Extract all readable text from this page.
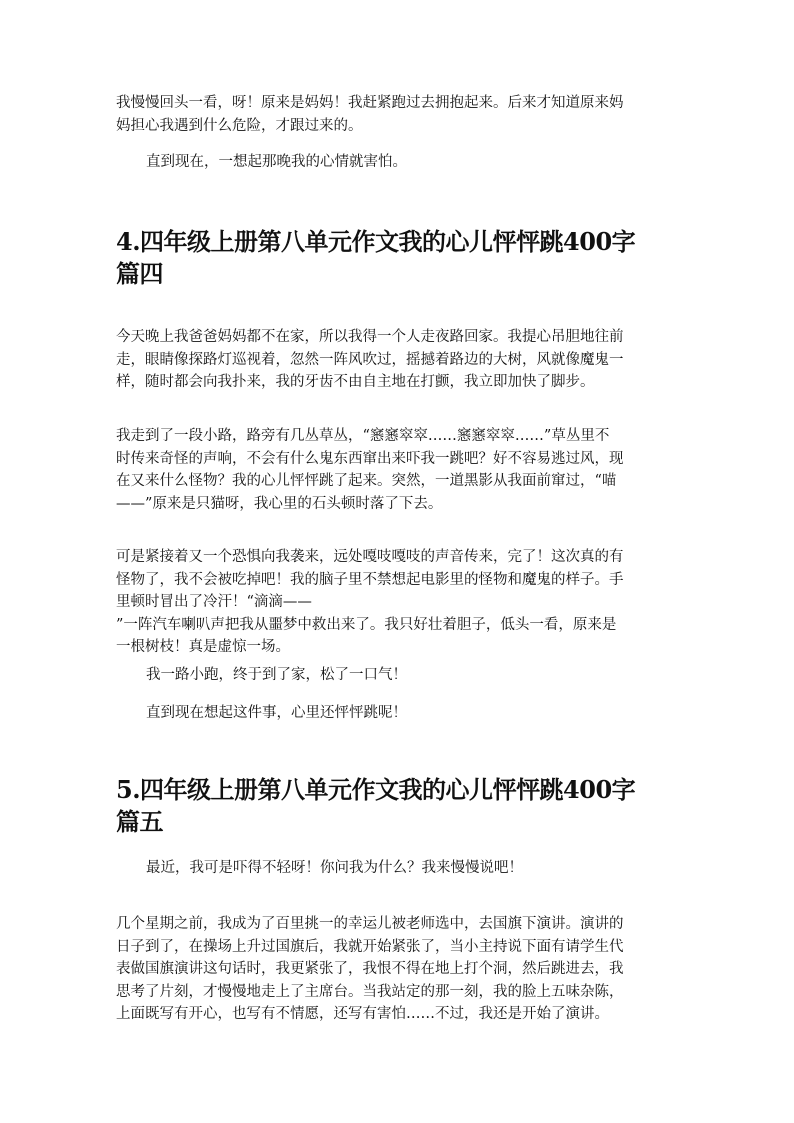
我慢慢回头一看，呀！原来是妈妈！我赶紧跑过去拥抱起来。后来才知道原来妈
妈担心我遇到什么危险，才跟过来的。

直到现在，一想起那晚我的心情就害怕。

4.四年级上册第八单元作文我的心儿怦怦跳400字
篇四

今天晚上我爸爸妈妈都不在家，所以我得一个人走夜路回家。我提心吊胆地往前
走，眼睛像探路灯巡视着，忽然一阵风吹过，摇撼着路边的大树，风就像魔鬼一
样，随时都会向我扑来，我的牙齿不由自主地在打颤，我立即加快了脚步。

我走到了一段小路，路旁有几丛草丛，“窸窸窣窣……窸窸窣窣……”草丛里不
时传来奇怪的声响，不会有什么鬼东西窜出来吓我一跳吧？好不容易逃过风，现
在又来什么怪物？我的心儿怦怦跳了起来。突然，一道黑影从我面前窜过，“喵
——”原来是只猫呀，我心里的石头顿时落了下去。

可是紧接着又一个恐惧向我袭来，远处嘎吱嘎吱的声音传来，完了！这次真的有
怪物了，我不会被吃掉吧！我的脑子里不禁想起电影里的怪物和魔鬼的样子。手
里顿时冒出了冷汗！“滴滴——
”一阵汽车喇叭声把我从噩梦中救出来了。我只好壮着胆子，低头一看，原来是
一根树枝！真是虚惊一场。

我一路小跑，终于到了家，松了一口气！

直到现在想起这件事，心里还怦怦跳呢！

5.四年级上册第八单元作文我的心儿怦怦跳400字
篇五

最近，我可是吓得不轻呀！你问我为什么？我来慢慢说吧！

几个星期之前，我成为了百里挑一的幸运儿被老师选中，去国旗下演讲。演讲的
日子到了，在操场上升过国旗后，我就开始紧张了，当小主持说下面有请学生代
表做国旗演讲这句话时，我更紧张了，我恨不得在地上打个洞，然后跳进去，我
思考了片刻，才慢慢地走上了主席台。当我站定的那一刻，我的脸上五味杂陈，
上面既写有开心，也写有不情愿，还写有害怕……不过，我还是开始了演讲。
